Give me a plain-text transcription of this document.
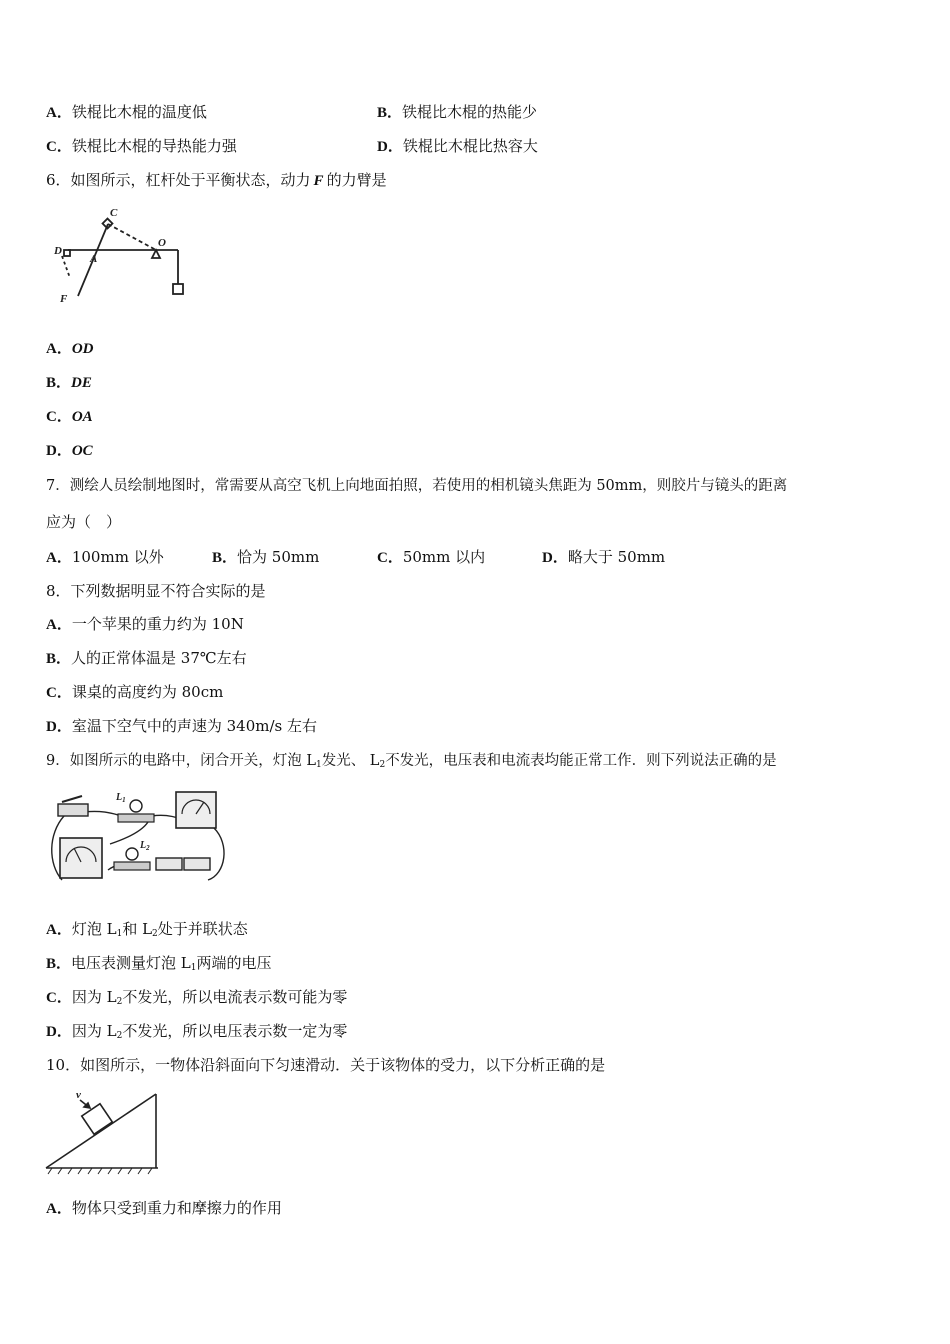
A．铁棍比木棍的温度低	B．铁棍比木棍的热能少
C．铁棍比木棍的导热能力强	D．铁棍比木棍比热容大
6．如图所示，杠杆处于平衡状态，动力 F 的力臂是
C
O
D
A
F
A．OD
B．DE
C．OA
D．OC
7．测绘人员绘制地图时，常需要从高空飞机上向地面拍照，若使用的相机镜头焦距为 50mm，则胶片与镜头的距离
应为（　）
A．100mm 以外	B．恰为 50mm	C．50mm 以内	D．略大于 50mm
8．下列数据明显不符合实际的是
A．一个苹果的重力约为 10N
B．人的正常体温是 37℃左右
C．课桌的高度约为 80cm
D．室温下空气中的声速为 340m/s 左右
9．如图所示的电路中，闭合开关，灯泡 $L_1$发光、 $L_2$不发光，电压表和电流表均能正常工作．则下列说法正确的是
$L_1$
$L_2$
A．灯泡 $L_1$和 $L_2$处于并联状态
B．电压表测量灯泡 $L_1$两端的电压
C．因为 $L_2$不发光，所以电流表示数可能为零
D．因为 $L_2$不发光，所以电压表示数一定为零
10．如图所示，一物体沿斜面向下匀速滑动．关于该物体的受力，以下分析正确的是
v
A．物体只受到重力和摩擦力的作用
